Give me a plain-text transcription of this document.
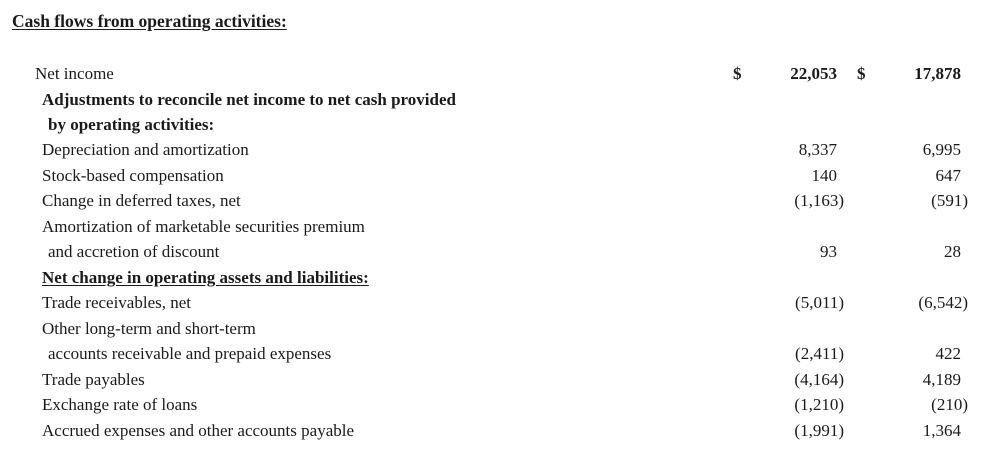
Cash flows from operating activities:
Net income	$	22,053 $	17,878
Adjustments to reconcile net income to net cash provided
by operating activities:
Depreciation and amortization	8,337	6,995
Stock-based compensation	140	647
Change in deferred taxes, net	(1,163)	(591)
Amortization of marketable securities premium
and accretion of discount	93	28
Net change in operating assets and liabilities:
Trade receivables, net	(5,011)	(6,542)
Other long-term and short-term
accounts receivable and prepaid expenses	(2,411)	422
Trade payables	(4,164)	4,189
Exchange rate of loans	(1,210)	(210)
Accrued expenses and other accounts payable	(1,991)	1,364
